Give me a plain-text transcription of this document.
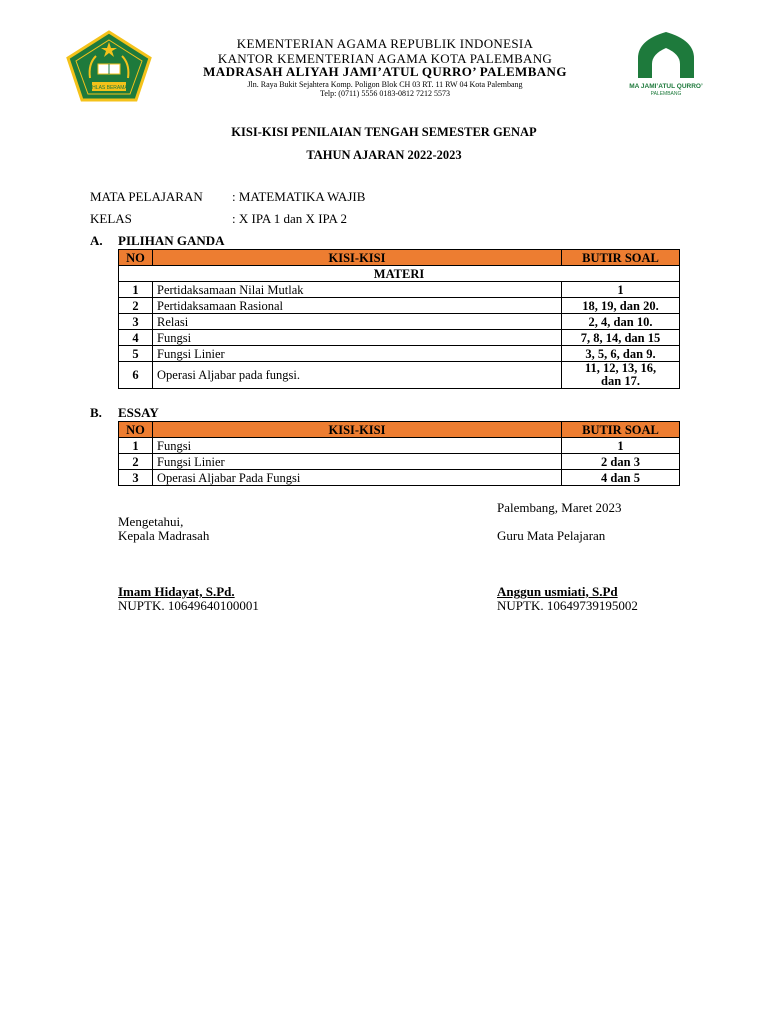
IKHLAS BERAMAL
KEMENTERIAN AGAMA REPUBLIK INDONESIA
KANTOR KEMENTERIAN AGAMA KOTA PALEMBANG
MADRASAH ALIYAH JAMI’ATUL QURRO’ PALEMBANG
Jln. Raya Bukit Sejahtera Komp. Poligon Blok CH 03 RT. 11 RW 04 Kota Palembang
Telp: (0711) 5556 0183-0812 7212 5573
MA JAMI’ATUL QURRO’
PALEMBANG
KISI-KISI PENILAIAN TENGAH SEMESTER GENAP
TAHUN AJARAN 2022-2023
MATA PELAJARAN : MATEMATIKA WAJIB
KELAS	: X IPA 1 dan X IPA 2
A. PILIHAN GANDA
NO	KISI-KISI	BUTIR SOAL
MATERI		
1	Pertidaksamaan Nilai Mutlak	1
2	Pertidaksamaan Rasional	18, 19, dan 20.
3	Relasi	2, 4, dan 10.
4	Fungsi	7, 8, 14, dan 15
5	Fungsi Linier	3, 5, 6, dan 9.
6	Operasi Aljabar pada fungsi.	11, 12, 13, 16,
dan 17.
B. ESSAY
NO	KISI-KISI	BUTIR SOAL
1	Fungsi	1
2	Fungsi Linier	2 dan 3
3	Operasi Aljabar Pada Fungsi	4 dan 5
Palembang, Maret 2023
Mengetahui,
Kepala Madrasah	Guru Mata Pelajaran
Imam Hidayat, S.Pd.	Anggun usmiati, S.Pd
NUPTK. 10649640100001	NUPTK. 10649739195002
